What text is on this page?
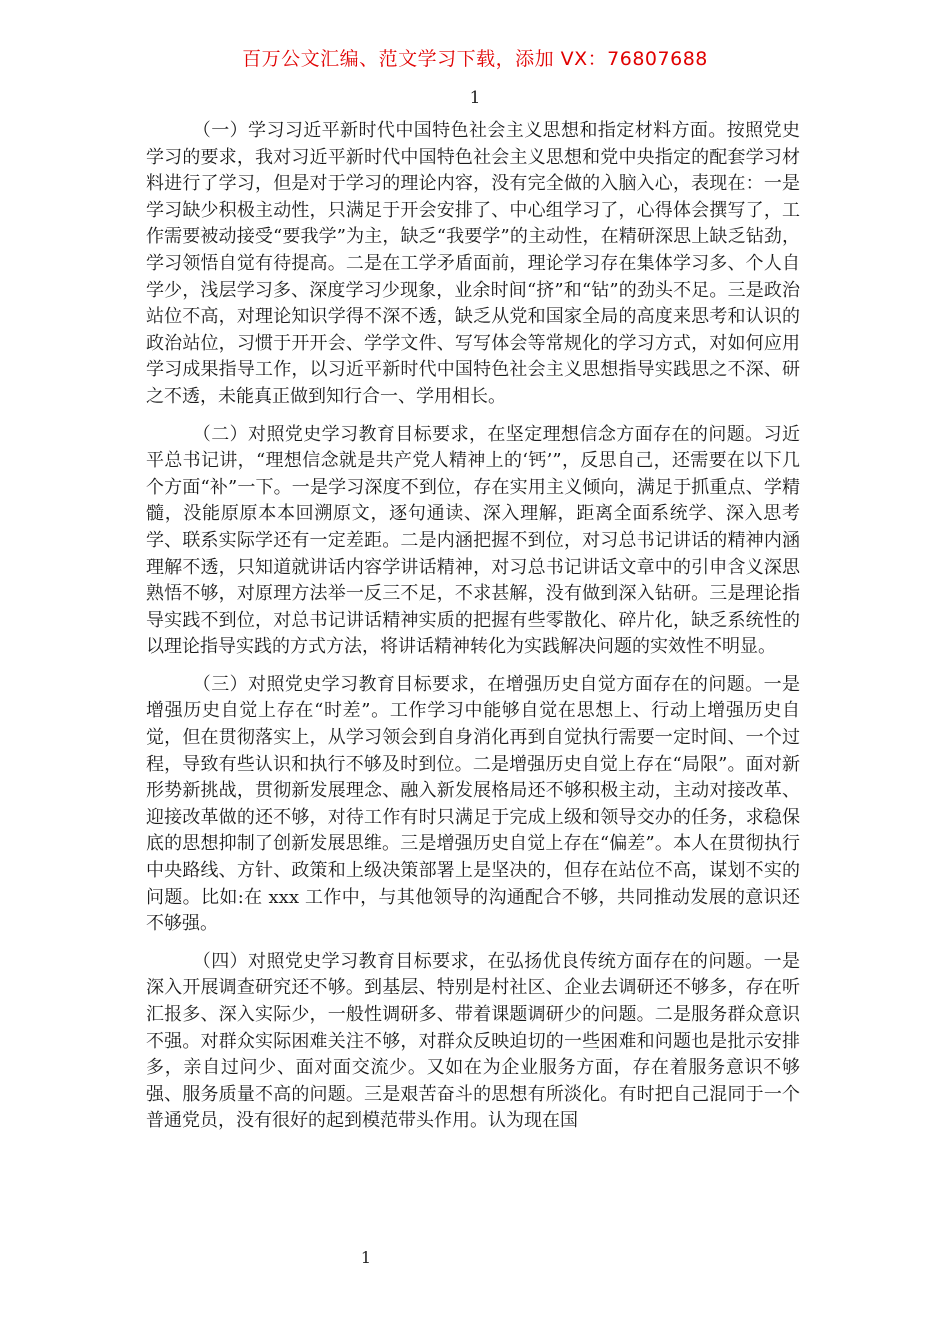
百万公文汇编、范文学习下载，添加 VX：76807688
1

（一）学习习近平新时代中国特色社会主义思想和指定材料方面。按照党史学习的要求，我对习近平新时代中国特色社会主义思想和党中央指定的配套学习材料进行了学习，但是对于学习的理论内容，没有完全做的入脑入心，表现在：一是学习缺少积极主动性，只满足于开会安排了、中心组学习了，心得体会撰写了，工作需要被动接受“要我学”为主，缺乏“我要学”的主动性，在精研深思上缺乏钻劲，学习领悟自觉有待提高。二是在工学矛盾面前，理论学习存在集体学习多、个人自学少，浅层学习多、深度学习少现象，业余时间“挤”和“钻”的劲头不足。三是政治站位不高，对理论知识学得不深不透，缺乏从党和国家全局的高度来思考和认识的政治站位，习惯于开开会、学学文件、写写体会等常规化的学习方式，对如何应用学习成果指导工作，以习近平新时代中国特色社会主义思想指导实践思之不深、研之不透，未能真正做到知行合一、学用相长。

（二）对照党史学习教育目标要求，在坚定理想信念方面存在的问题。习近平总书记讲，“理想信念就是共产党人精神上的‘钙’”，反思自己，还需要在以下几个方面“补”一下。一是学习深度不到位，存在实用主义倾向，满足于抓重点、学精髓，没能原原本本回溯原文，逐句通读、深入理解，距离全面系统学、深入思考学、联系实际学还有一定差距。二是内涵把握不到位，对习总书记讲话的精神内涵理解不透，只知道就讲话内容学讲话精神，对习总书记讲话文章中的引申含义深思熟悟不够，对原理方法举一反三不足，不求甚解，没有做到深入钻研。三是理论指导实践不到位，对总书记讲话精神实质的把握有些零散化、碎片化，缺乏系统性的以理论指导实践的方式方法，将讲话精神转化为实践解决问题的实效性不明显。

（三）对照党史学习教育目标要求，在增强历史自觉方面存在的问题。一是增强历史自觉上存在“时差”。工作学习中能够自觉在思想上、行动上增强历史自觉，但在贯彻落实上，从学习领会到自身消化再到自觉执行需要一定时间、一个过程，导致有些认识和执行不够及时到位。二是增强历史自觉上存在“局限”。面对新形势新挑战，贯彻新发展理念、融入新发展格局还不够积极主动，主动对接改革、迎接改革做的还不够，对待工作有时只满足于完成上级和领导交办的任务，求稳保底的思想抑制了创新发展思维。三是增强历史自觉上存在“偏差”。本人在贯彻执行中央路线、方针、政策和上级决策部署上是坚决的，但存在站位不高，谋划不实的问题。比如:在 xxx 工作中，与其他领导的沟通配合不够，共同推动发展的意识还不够强。

（四）对照党史学习教育目标要求，在弘扬优良传统方面存在的问题。一是深入开展调查研究还不够。到基层、特别是村社区、企业去调研还不够多，存在听汇报多、深入实际少，一般性调研多、带着课题调研少的问题。二是服务群众意识不强。对群众实际困难关注不够，对群众反映迫切的一些困难和问题也是批示安排多，亲自过问少、面对面交流少。又如在为企业服务方面，存在着服务意识不够强、服务质量不高的问题。三是艰苦奋斗的思想有所淡化。有时把自己混同于一个普通党员，没有很好的起到模范带头作用。认为现在国

1
